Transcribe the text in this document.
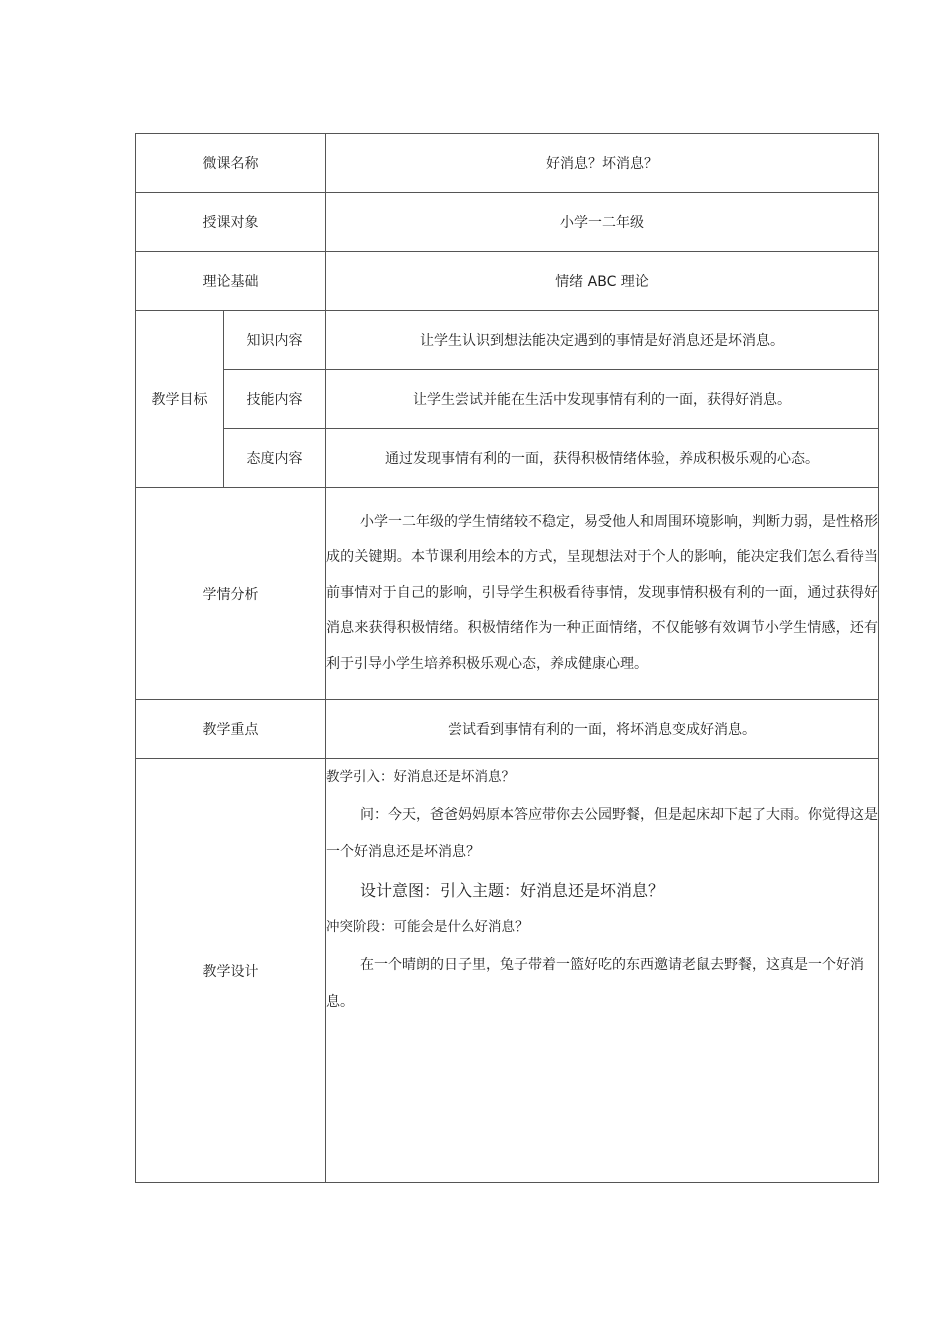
微课名称		好消息？坏消息？
授课对象		小学一二年级
理论基础		情绪 ABC 理论
教学目标	知识内容	让学生认识到想法能决定遇到的事情是好消息还是坏消息。
	技能内容	让学生尝试并能在生活中发现事情有利的一面，获得好消息。
	态度内容	通过发现事情有利的一面，获得积极情绪体验，养成积极乐观的心态。
学情分析		小学一二年级的学生情绪较不稳定，易受他人和周围环境影响，判断力弱，是性格形成的关键期。本节课利用绘本的方式，呈现想法对于个人的影响，能决定我们怎么看待当前事情对于自己的影响，引导学生积极看待事情，发现事情积极有利的一面，通过获得好消息来获得积极情绪。积极情绪作为一种正面情绪，不仅能够有效调节小学生情感，还有利于引导小学生培养积极乐观心态，养成健康心理。

教学重点		尝试看到事情有利的一面，将坏消息变成好消息。
教学设计		教学引入：好消息还是坏消息？

问：今天，爸爸妈妈原本答应带你去公园野餐，但是起床却下起了大雨。你觉得这是一个好消息还是坏消息？

设计意图：引入主题：好消息还是坏消息？

冲突阶段：可能会是什么好消息？

在一个晴朗的日子里，兔子带着一篮好吃的东西邀请老鼠去野餐，这真是一个好消息。
